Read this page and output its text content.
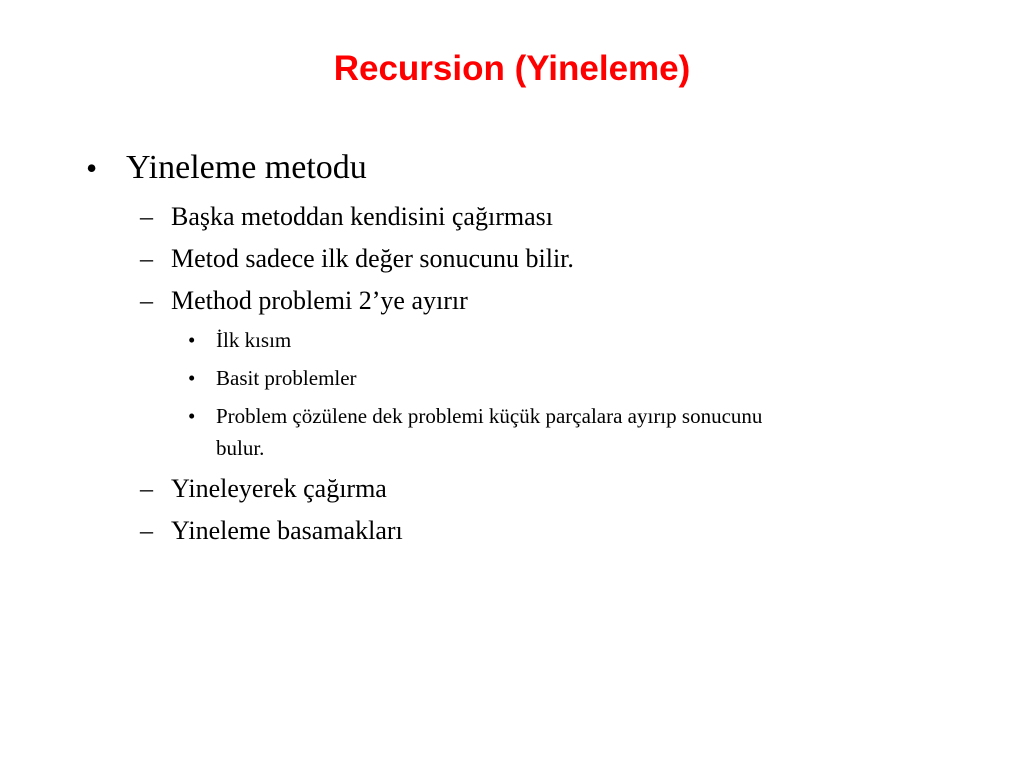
Recursion (Yineleme)
• Yineleme metodu
– Başka metoddan kendisini çağırması
– Metod sadece ilk değer sonucunu bilir.
– Method problemi 2’ye ayırır
• İlk kısım
• Basit problemler
• Problem çözülene dek problemi küçük parçalara ayırıp sonucunu bulur.
– Yineleyerek çağırma
– Yineleme basamakları
